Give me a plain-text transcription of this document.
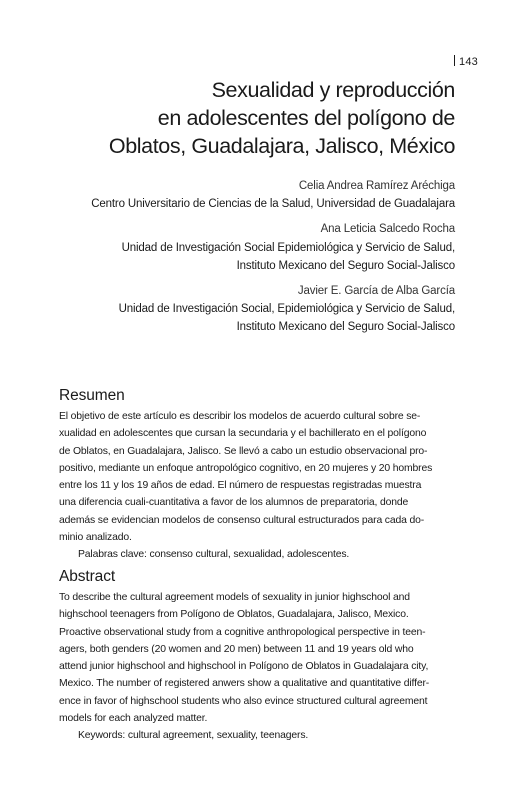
143
Sexualidad y reproducción
en adolescentes del polígono de
Oblatos, Guadalajara, Jalisco, México
Celia Andrea Ramírez Aréchiga
Centro Universitario de Ciencias de la Salud, Universidad de Guadalajara
Ana Leticia Salcedo Rocha
Unidad de Investigación Social Epidemiológica y Servicio de Salud,
Instituto Mexicano del Seguro Social-Jalisco
Javier E. García de Alba García
Unidad de Investigación Social, Epidemiológica y Servicio de Salud,
Instituto Mexicano del Seguro Social-Jalisco
Resumen
El objetivo de este artículo es describir los modelos de acuerdo cultural sobre se-
xualidad en adolescentes que cursan la secundaria y el bachillerato en el polígono
de Oblatos, en Guadalajara, Jalisco. Se llevó a cabo un estudio observacional pro-
positivo, mediante un enfoque antropológico cognitivo, en 20 mujeres y 20 hombres
entre los 11 y los 19 años de edad. El número de respuestas registradas muestra
una diferencia cuali-cuantitativa a favor de los alumnos de preparatoria, donde
además se evidencian modelos de consenso cultural estructurados para cada do-
minio analizado.
Palabras clave: consenso cultural, sexualidad, adolescentes.
Abstract
To describe the cultural agreement models of sexuality in junior highschool and
highschool teenagers from Polígono de Oblatos, Guadalajara, Jalisco, Mexico.
Proactive observational study from a cognitive anthropological perspective in teen-
agers, both genders (20 women and 20 men) between 11 and 19 years old who
attend junior highschool and highschool in Polígono de Oblatos in Guadalajara city,
Mexico. The number of registered anwers show a qualitative and quantitative differ-
ence in favor of highschool students who also evince structured cultural agreement
models for each analyzed matter.
Keywords: cultural agreement, sexuality, teenagers.
